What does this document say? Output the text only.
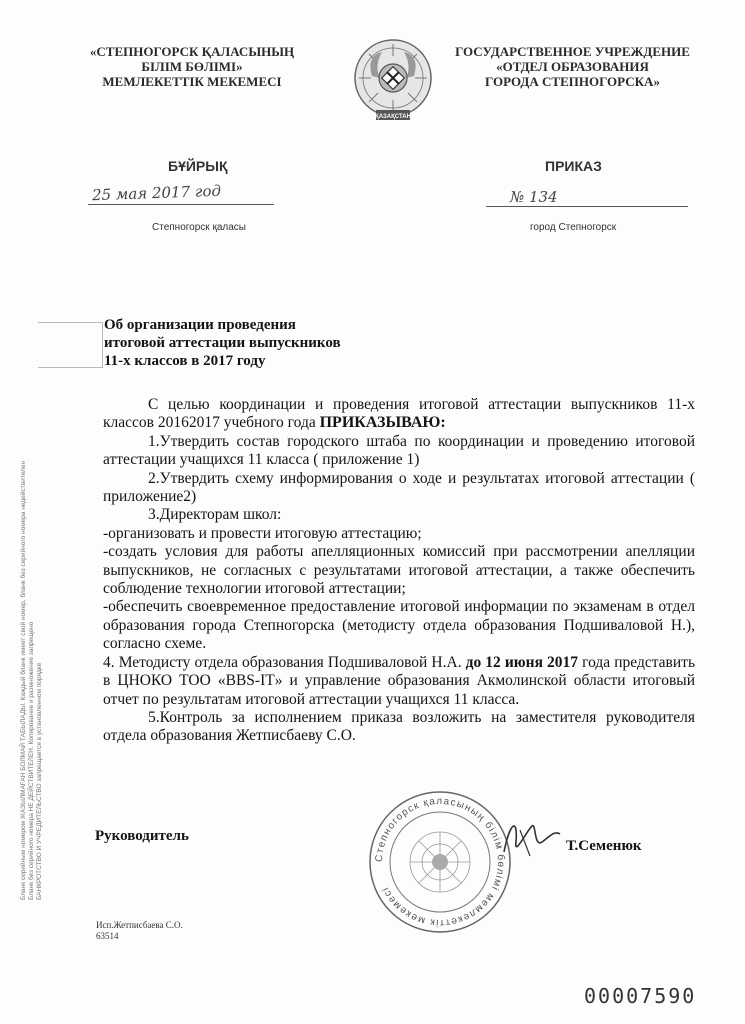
«СТЕПНОГОРСК ҚАЛАСЫНЫҢ
БІЛІМ БӨЛІМІ»
МЕМЛЕКЕТТІК МЕКЕМЕСІ
ҚАЗАҚСТАН
ГОСУДАРСТВЕННОЕ УЧРЕЖДЕНИЕ
«ОТДЕЛ ОБРАЗОВАНИЯ
ГОРОДА СТЕПНОГОРСКА»
БҰЙРЫҚ	ПРИКАЗ
25 мая 2017 год	№ 134
Степногорск қаласы	город Степногорск
Об организации проведения
итоговой аттестации выпускников
11-х классов в 2017 году

С целью координации и проведения итоговой аттестации выпускников 11-х классов 20162017 учебного года ПРИКАЗЫВАЮ:

1.Утвердить состав городского штаба по координации и проведению итоговой аттестации учащихся 11 класса ( приложение 1)

2.Утвердить схему информирования о ходе и результатах итоговой аттестации ( приложение2)

3.Директорам школ:

-организовать и провести итоговую аттестацию;

-создать условия для работы апелляционных комиссий при рассмотрении апелляции выпускников, не согласных с результатами итоговой аттестации, а также обеспечить соблюдение технологии итоговой аттестации;

-обеспечить своевременное предоставление итоговой информации по экзаменам в отдел образования города Степногорска (методисту отдела образования Подшиваловой Н.), согласно схеме.

4. Методисту отдела образования Подшиваловой Н.А. до 12 июня 2017 года представить в ЦНОКО ТОО «BBS-IT» и управление образования Акмолинской области итоговый отчет по результатам итоговой аттестации учащихся 11 класса.

5.Контроль за исполнением приказа возложить на заместителя руководителя отдела образования Жетписбаеву С.О.

Руководитель
Т.Семенюк
Степногорск қаласының білім бөлімі мемлекеттік мекемесі
Исп.Жетписбаева С.О.
63514
00007590
Бланк серийным номером ЖАЗЫЛМАҒАН БОЛМАЙ ТАБЫЛАДЫ. Каждый бланк имеет свой номер, бланк без серийного номера недействителен Бланк без серийного номера НЕ ДЕЙСТВИТЕЛЕН. Копирование и размножение запрещено БАНКРОТСТВО И УЧРЕДИТЕЛЬСТВО запрещается в установленном порядке
